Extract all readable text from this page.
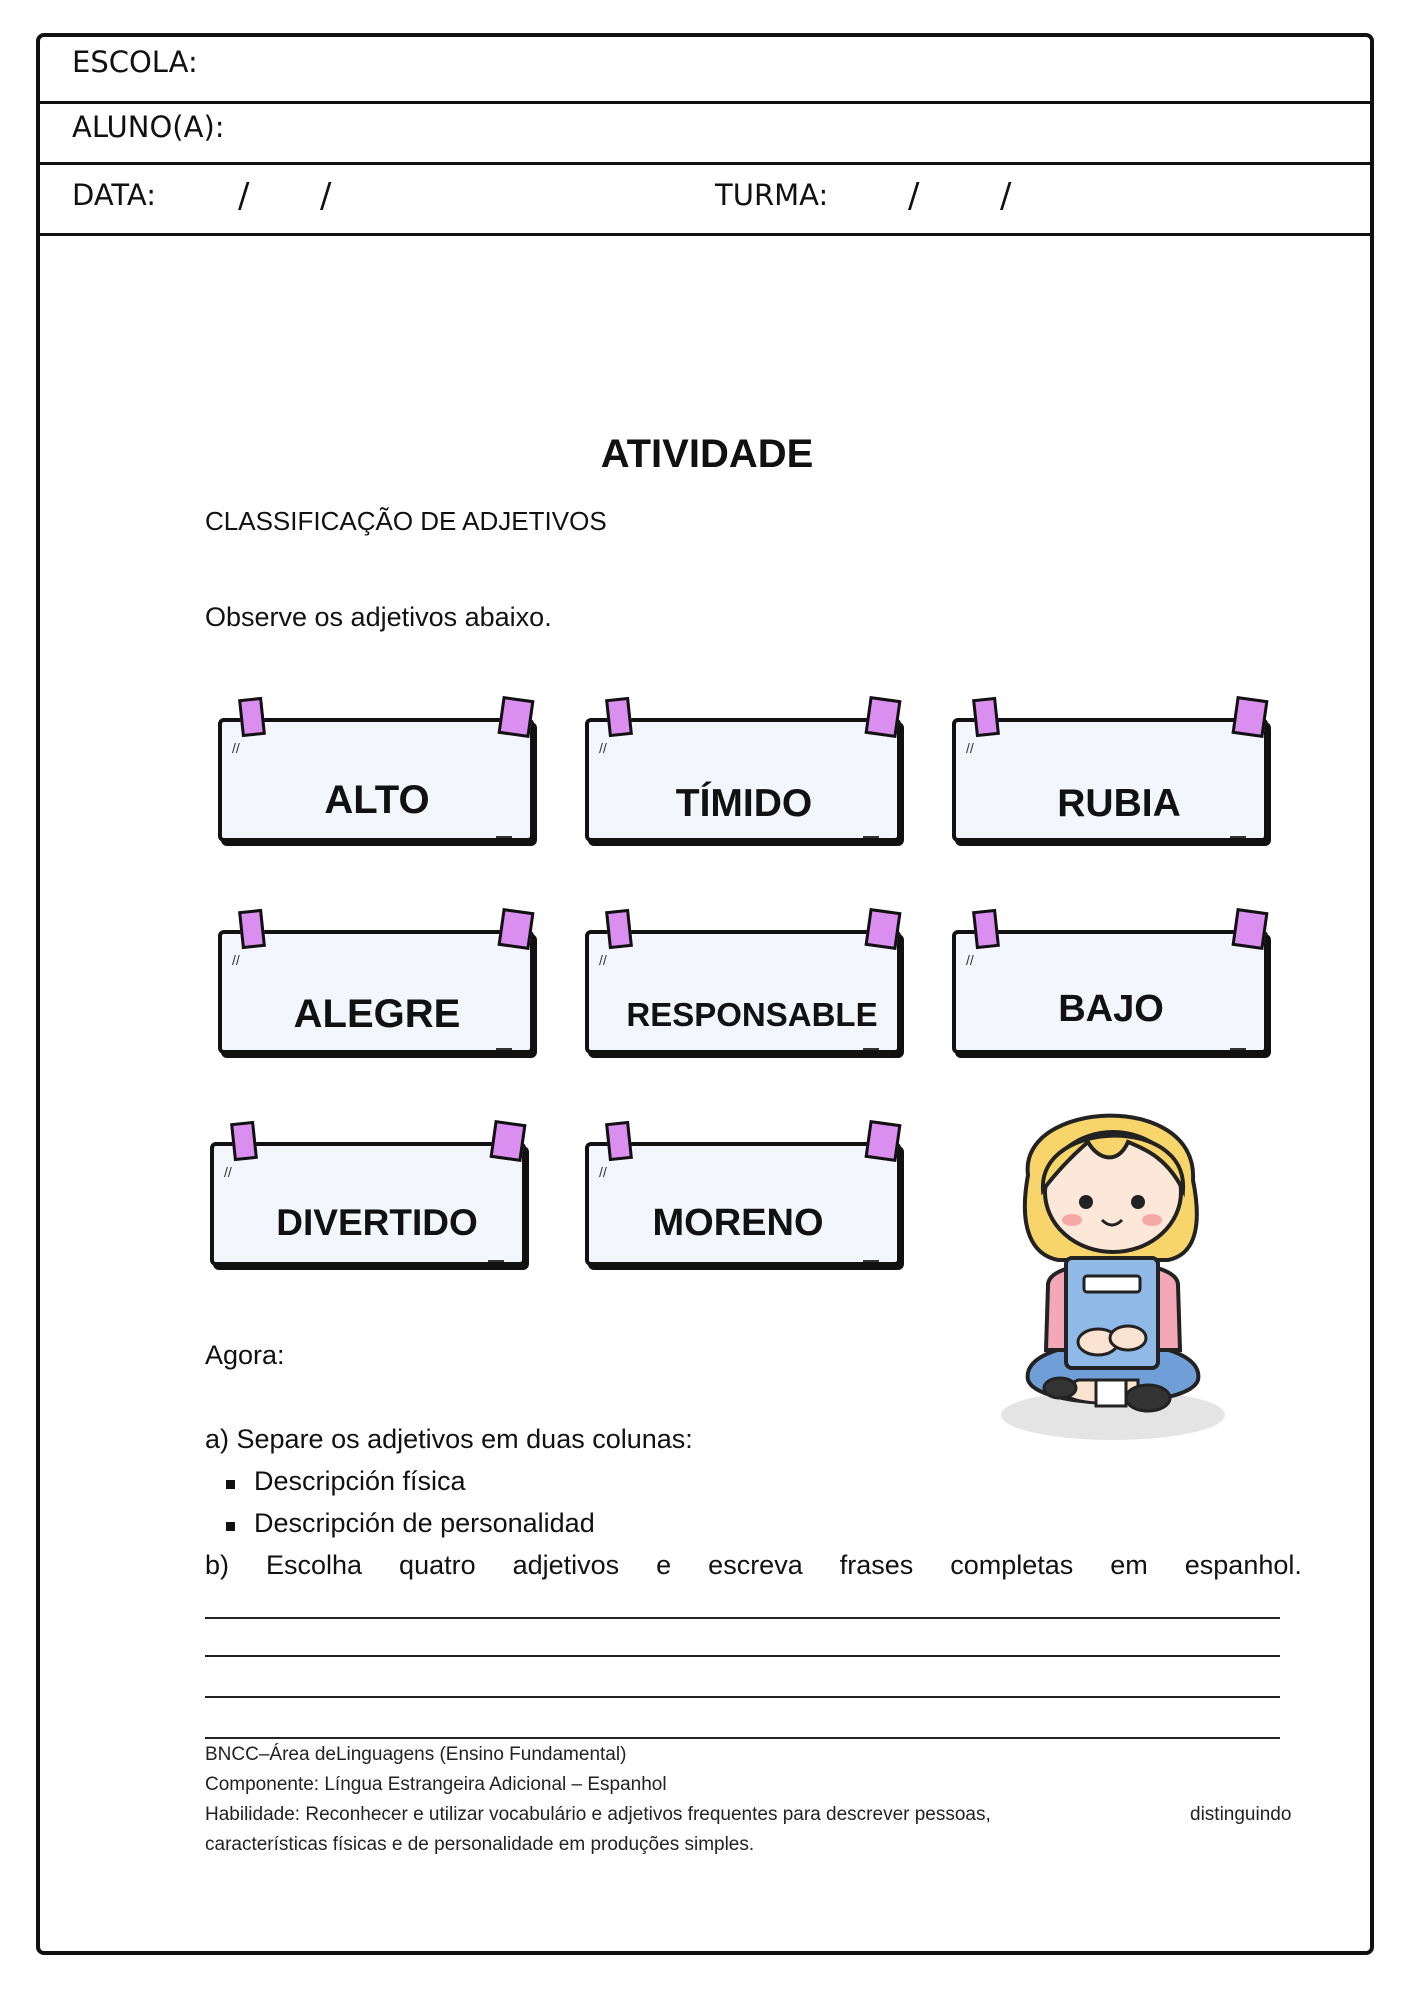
ESCOLA:
ALUNO(A):
DATA: / /	TURMA: / /
ATIVIDADE
CLASSIFICAÇÃO DE ADJETIVOS
Observe os adjetivos abaixo.
//
ALTO
//
TÍMIDO
//
RUBIA
//
ALEGRE
//
RESPONSABLE
//
BAJO
//
DIVERTIDO
//
MORENO
Agora:
a) Separe os adjetivos em duas colunas:
Descripción física
Descripción de personalidad
b) Escolha quatro adjetivos e escreva frases completas em espanhol.
BNCC–Área deLinguagens (Ensino Fundamental)
Componente: Língua Estrangeira Adicional – Espanhol
Habilidade: Reconhecer e utilizar vocabulário e adjetivos frequentes para descrever pessoas,	distinguindo
características físicas e de personalidade em produções simples.
